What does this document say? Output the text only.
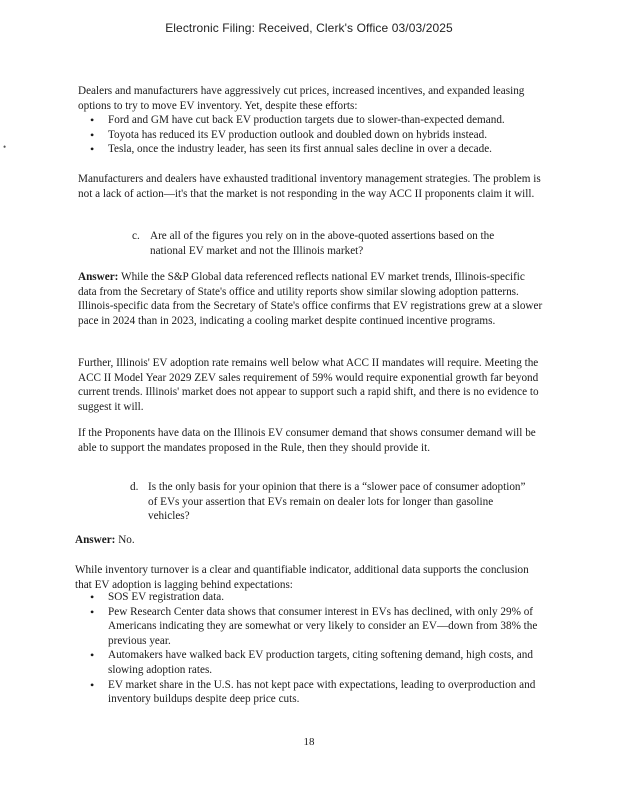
Electronic Filing: Received, Clerk's Office 03/03/2025
•

Dealers and manufacturers have aggressively cut prices, increased incentives, and expanded leasing options to try to move EV inventory. Yet, despite these efforts:

• Ford and GM have cut back EV production targets due to slower-than-expected demand.
• Toyota has reduced its EV production outlook and doubled down on hybrids instead.
• Tesla, once the industry leader, has seen its first annual sales decline in over a decade.

Manufacturers and dealers have exhausted traditional inventory management strategies. The problem is not a lack of action—it's that the market is not responding in the way ACC II proponents claim it will.

c. Are all of the figures you rely on in the above-quoted assertions based on the national EV market and not the Illinois market?

Answer: While the S&P Global data referenced reflects national EV market trends, Illinois-specific data from the Secretary of State's office and utility reports show similar slowing adoption patterns. Illinois-specific data from the Secretary of State's office confirms that EV registrations grew at a slower pace in 2024 than in 2023, indicating a cooling market despite continued incentive programs.

Further, Illinois' EV adoption rate remains well below what ACC II mandates will require. Meeting the ACC II Model Year 2029 ZEV sales requirement of 59% would require exponential growth far beyond current trends. Illinois' market does not appear to support such a rapid shift, and there is no evidence to suggest it will.

If the Proponents have data on the Illinois EV consumer demand that shows consumer demand will be able to support the mandates proposed in the Rule, then they should provide it.

d. Is the only basis for your opinion that there is a “slower pace of consumer adoption” of EVs your assertion that EVs remain on dealer lots for longer than gasoline vehicles?

Answer: No.

While inventory turnover is a clear and quantifiable indicator, additional data supports the conclusion that EV adoption is lagging behind expectations:

• SOS EV registration data.
• Pew Research Center data shows that consumer interest in EVs has declined, with only 29% of Americans indicating they are somewhat or very likely to consider an EV—down from 38% the previous year.
• Automakers have walked back EV production targets, citing softening demand, high costs, and slowing adoption rates.
• EV market share in the U.S. has not kept pace with expectations, leading to overproduction and inventory buildups despite deep price cuts.
18
